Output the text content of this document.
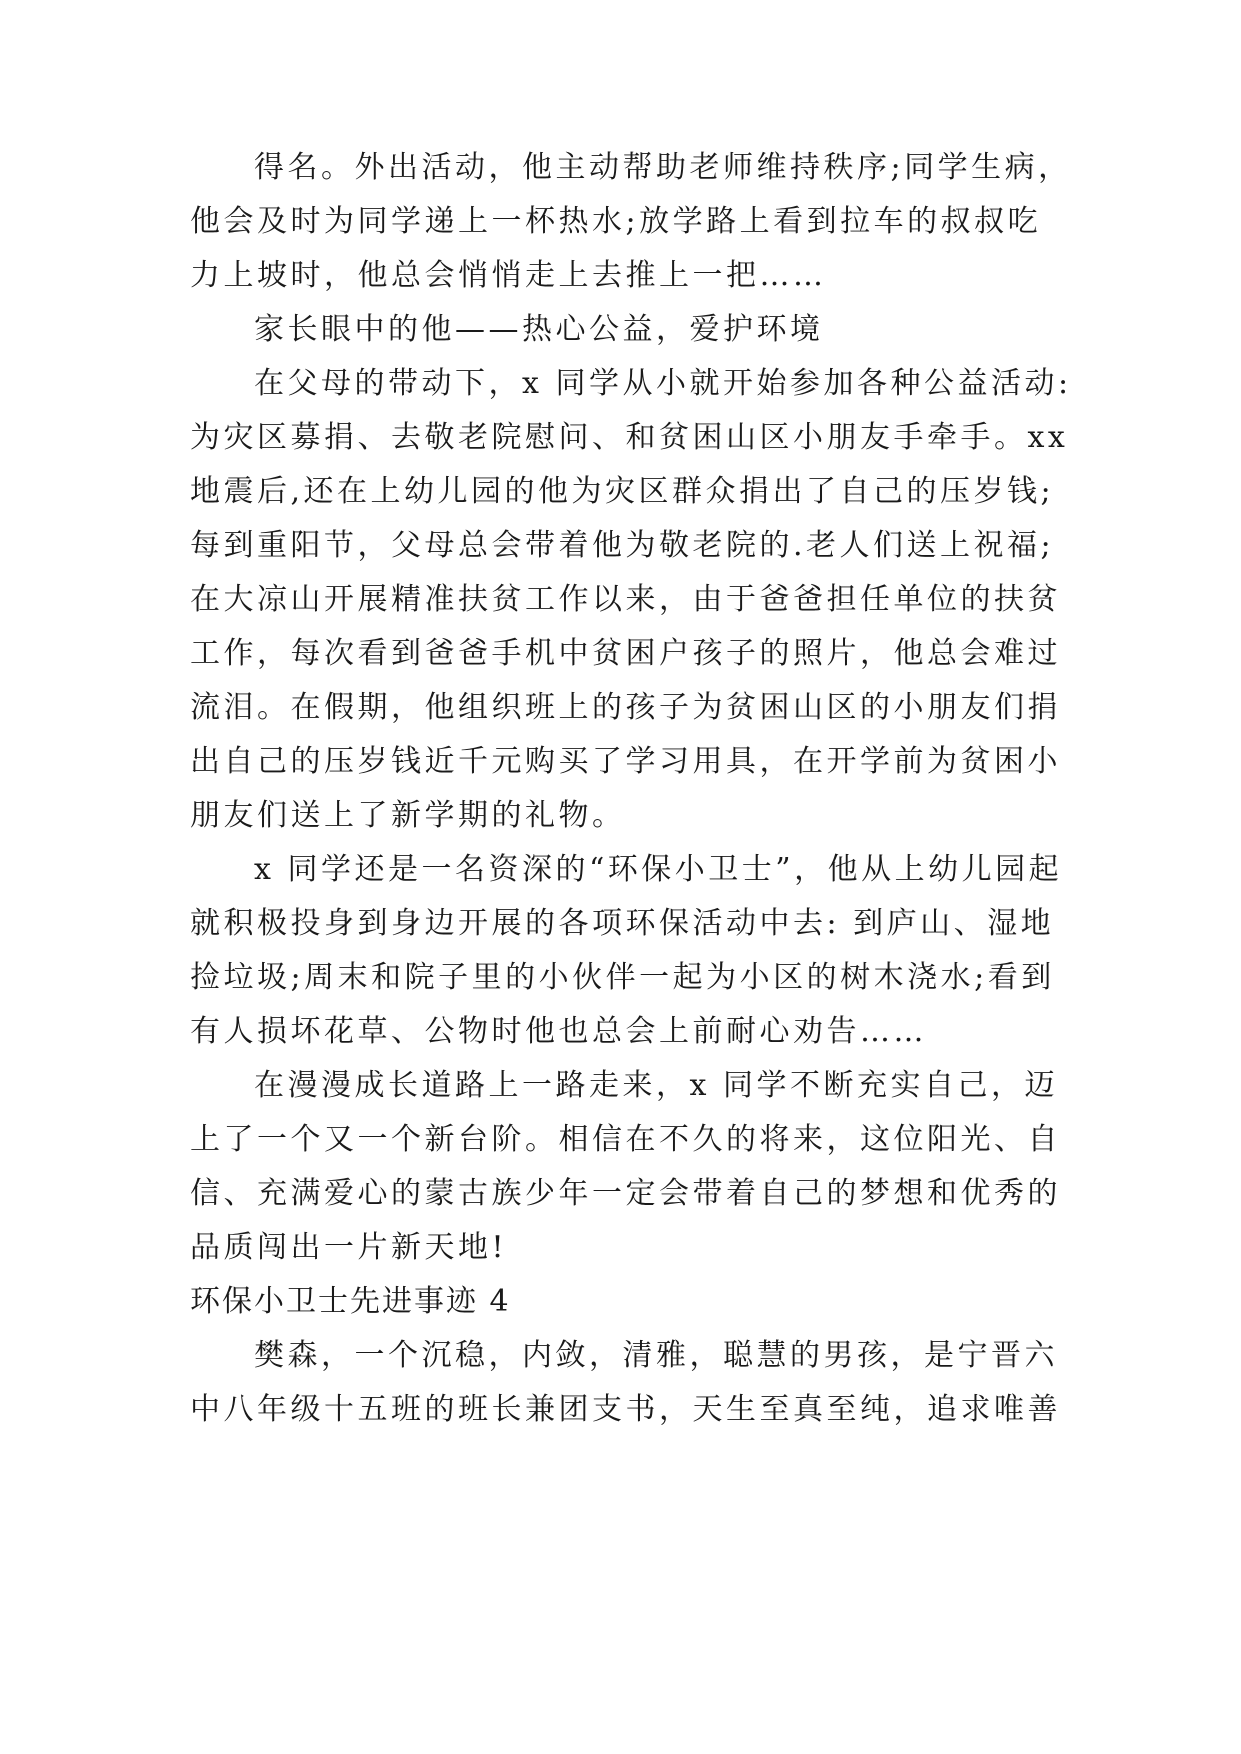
得名。外出活动，他主动帮助老师维持秩序;同学生病，
他会及时为同学递上一杯热水;放学路上看到拉车的叔叔吃
力上坡时，他总会悄悄走上去推上一把……
家长眼中的他——热心公益，爱护环境
在父母的带动下，x 同学从小就开始参加各种公益活动:
为灾区募捐、去敬老院慰问、和贫困山区小朋友手牵手。xx
地震后,还在上幼儿园的他为灾区群众捐出了自己的压岁钱;
每到重阳节，父母总会带着他为敬老院的.老人们送上祝福;
在大凉山开展精准扶贫工作以来，由于爸爸担任单位的扶贫
工作，每次看到爸爸手机中贫困户孩子的照片，他总会难过
流泪。在假期，他组织班上的孩子为贫困山区的小朋友们捐
出自己的压岁钱近千元购买了学习用具，在开学前为贫困小
朋友们送上了新学期的礼物。
x 同学还是一名资深的“环保小卫士”，他从上幼儿园起
就积极投身到身边开展的各项环保活动中去: 到庐山、湿地
捡垃圾;周末和院子里的小伙伴一起为小区的树木浇水;看到
有人损坏花草、公物时他也总会上前耐心劝告……
在漫漫成长道路上一路走来，x 同学不断充实自己，迈
上了一个又一个新台阶。相信在不久的将来，这位阳光、自
信、充满爱心的蒙古族少年一定会带着自己的梦想和优秀的
品质闯出一片新天地!
环保小卫士先进事迹 4
樊森，一个沉稳，内敛，清雅，聪慧的男孩，是宁晋六
中八年级十五班的班长兼团支书，天生至真至纯，追求唯善
